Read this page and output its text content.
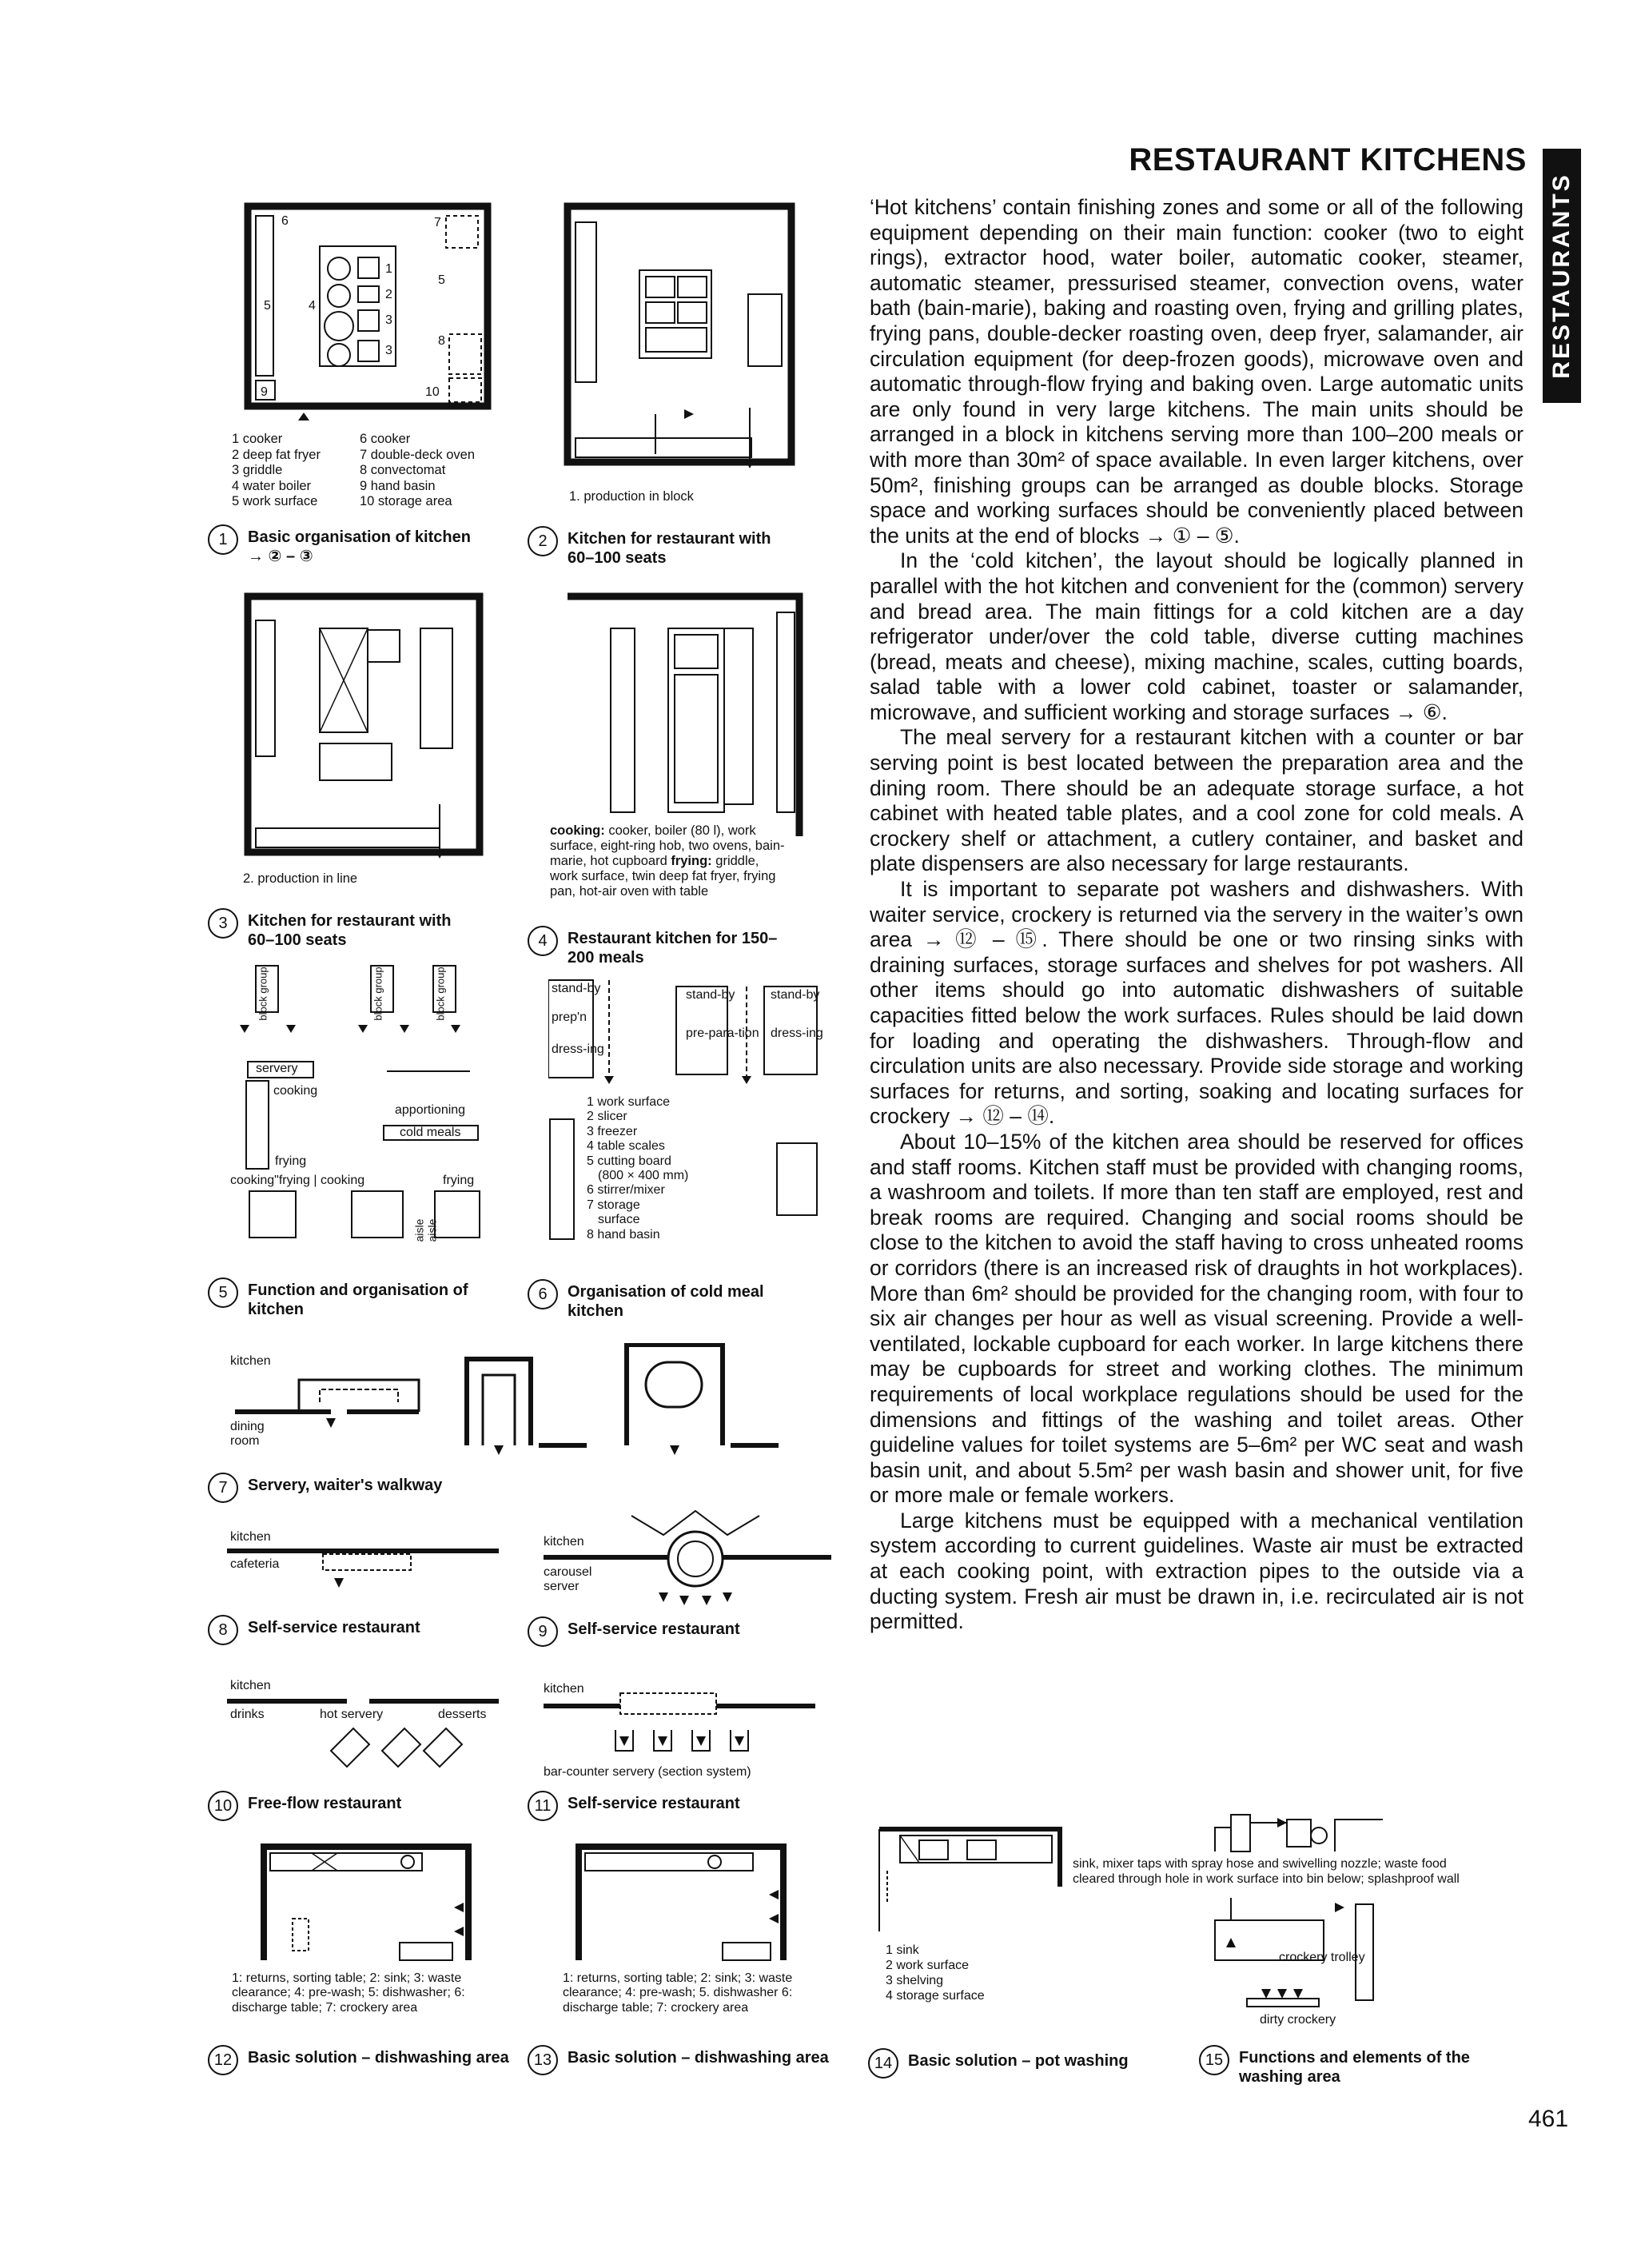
RESTAURANT KITCHENS
RESTAURANTS

‘Hot kitchens’ contain finishing zones and some or all of the following equipment depending on their main function: cooker (two to eight rings), extractor hood, water boiler, automatic cooker, steamer, automatic steamer, pressurised steamer, convection ovens, water bath (bain-marie), baking and roasting oven, frying and grilling plates, frying pans, double-decker roasting oven, deep fryer, salamander, air circulation equipment (for deep-frozen goods), microwave oven and automatic through-flow frying and baking oven. Large automatic units are only found in very large kitchens. The main units should be arranged in a block in kitchens serving more than 100–200 meals or with more than 30m² of space available. In even larger kitchens, over 50m², finishing groups can be arranged as double blocks. Storage space and working surfaces should be conveniently placed between the units at the end of blocks → ① – ⑤.

In the ‘cold kitchen’, the layout should be logically planned in parallel with the hot kitchen and convenient for the (common) servery and bread area. The main fittings for a cold kitchen are a day refrigerator under/over the cold table, diverse cutting machines (bread, meats and cheese), mixing machine, scales, cutting boards, salad table with a lower cold cabinet, toaster or salamander, microwave, and sufficient working and storage surfaces → ⑥.

The meal servery for a restaurant kitchen with a counter or bar serving point is best located between the preparation area and the dining room. There should be an adequate storage surface, a hot cabinet with heated table plates, and a cool zone for cold meals. A crockery shelf or attachment, a cutlery container, and basket and plate dispensers are also necessary for large restaurants.

It is important to separate pot washers and dishwashers. With waiter service, crockery is returned via the servery in the waiter’s own area → ⑫ – ⑮. There should be one or two rinsing sinks with draining surfaces, storage surfaces and shelves for pot washers. All other items should go into automatic dishwashers of suitable capacities fitted below the work surfaces. Rules should be laid down for loading and operating the dishwashers. Through-flow and circulation units are also necessary. Provide side storage and working surfaces for returns, and sorting, soaking and locating surfaces for crockery → ⑫ – ⑭.

About 10–15% of the kitchen area should be reserved for offices and staff rooms. Kitchen staff must be provided with changing rooms, a washroom and toilets. If more than ten staff are employed, rest and break rooms are required. Changing and social rooms should be close to the kitchen to avoid the staff having to cross unheated rooms or corridors (there is an increased risk of draughts in hot workplaces). More than 6m² should be provided for the changing room, with four to six air changes per hour as well as visual screening. Provide a well-ventilated, lockable cupboard for each worker. In large kitchens there may be cupboards for street and working clothes. The minimum requirements of local workplace regulations should be used for the dimensions and fittings of the washing and toilet areas. Other guideline values for toilet systems are 5–6m² per WC seat and wash basin unit, and about 5.5m² per wash basin and shower unit, for five or more male or female workers.

Large kitchens must be equipped with a mechanical ventilation system according to current guidelines. Waste air must be extracted at each cooking point, with extraction pipes to the outside via a ducting system. Fresh air must be drawn in, i.e. recirculated air is not permitted.

6	7
5	4
1
2
3
3
5
8
9	10
1 cooker
2 deep fat fryer
3 griddle
4 water boiler
5 work surface
6 cooker
7 double-deck oven
8 convectomat
9 hand basin
10 storage area
1	Basic organisation of kitchen → ② – ③
1. production in block
2	Kitchen for restaurant with 60–100 seats
2. production in line
3	Kitchen for restaurant with 60–100 seats
cooking: cooker, boiler (80 l), work surface, eight-ring hob, two ovens, bain-marie, hot cupboard frying: griddle, work surface, twin deep fat fryer, frying pan, hot-air oven with table
4	Restaurant kitchen for 150–200 meals
block group	block group	block group
servery
cooking
frying
apportioning
cold meals
cooking"frying | cooking	frying
aisle aisle
5	Function and organisation of kitchen
stand-by
prep'n
dress-ing
stand-by
pre-para-tion
stand-by
dress-ing
1 work surface
2 slicer
3 freezer
4 table scales
5 cutting board
(800 × 400 mm)
6 stirrer/mixer
7 storage
surface
8 hand basin
6	Organisation of cold meal kitchen
kitchen
dining
room
7	Servery, waiter's walkway
kitchen
cafeteria
8	Self-service restaurant
kitchen
carousel
server
9	Self-service restaurant
kitchen
drinks	hot servery	desserts
10 Free-flow restaurant
kitchen
bar-counter servery (section system)
11	Self-service restaurant
1: returns, sorting table; 2: sink; 3: waste clearance; 4: pre-wash; 5: dishwasher; 6: discharge table; 7: crockery area
12 Basic solution – dishwashing area
1: returns, sorting table; 2: sink; 3: waste clearance; 4: pre-wash; 5. dishwasher 6: discharge table; 7: crockery area
13 Basic solution – dishwashing area
1 sink
2 work surface
3 shelving
4 storage surface
sink, mixer taps with spray hose and swivelling nozzle; waste food cleared through hole in work surface into bin below; splashproof wall
14 Basic solution – pot washing
crockery trolley
dirty crockery
15 Functions and elements of the washing area
461
